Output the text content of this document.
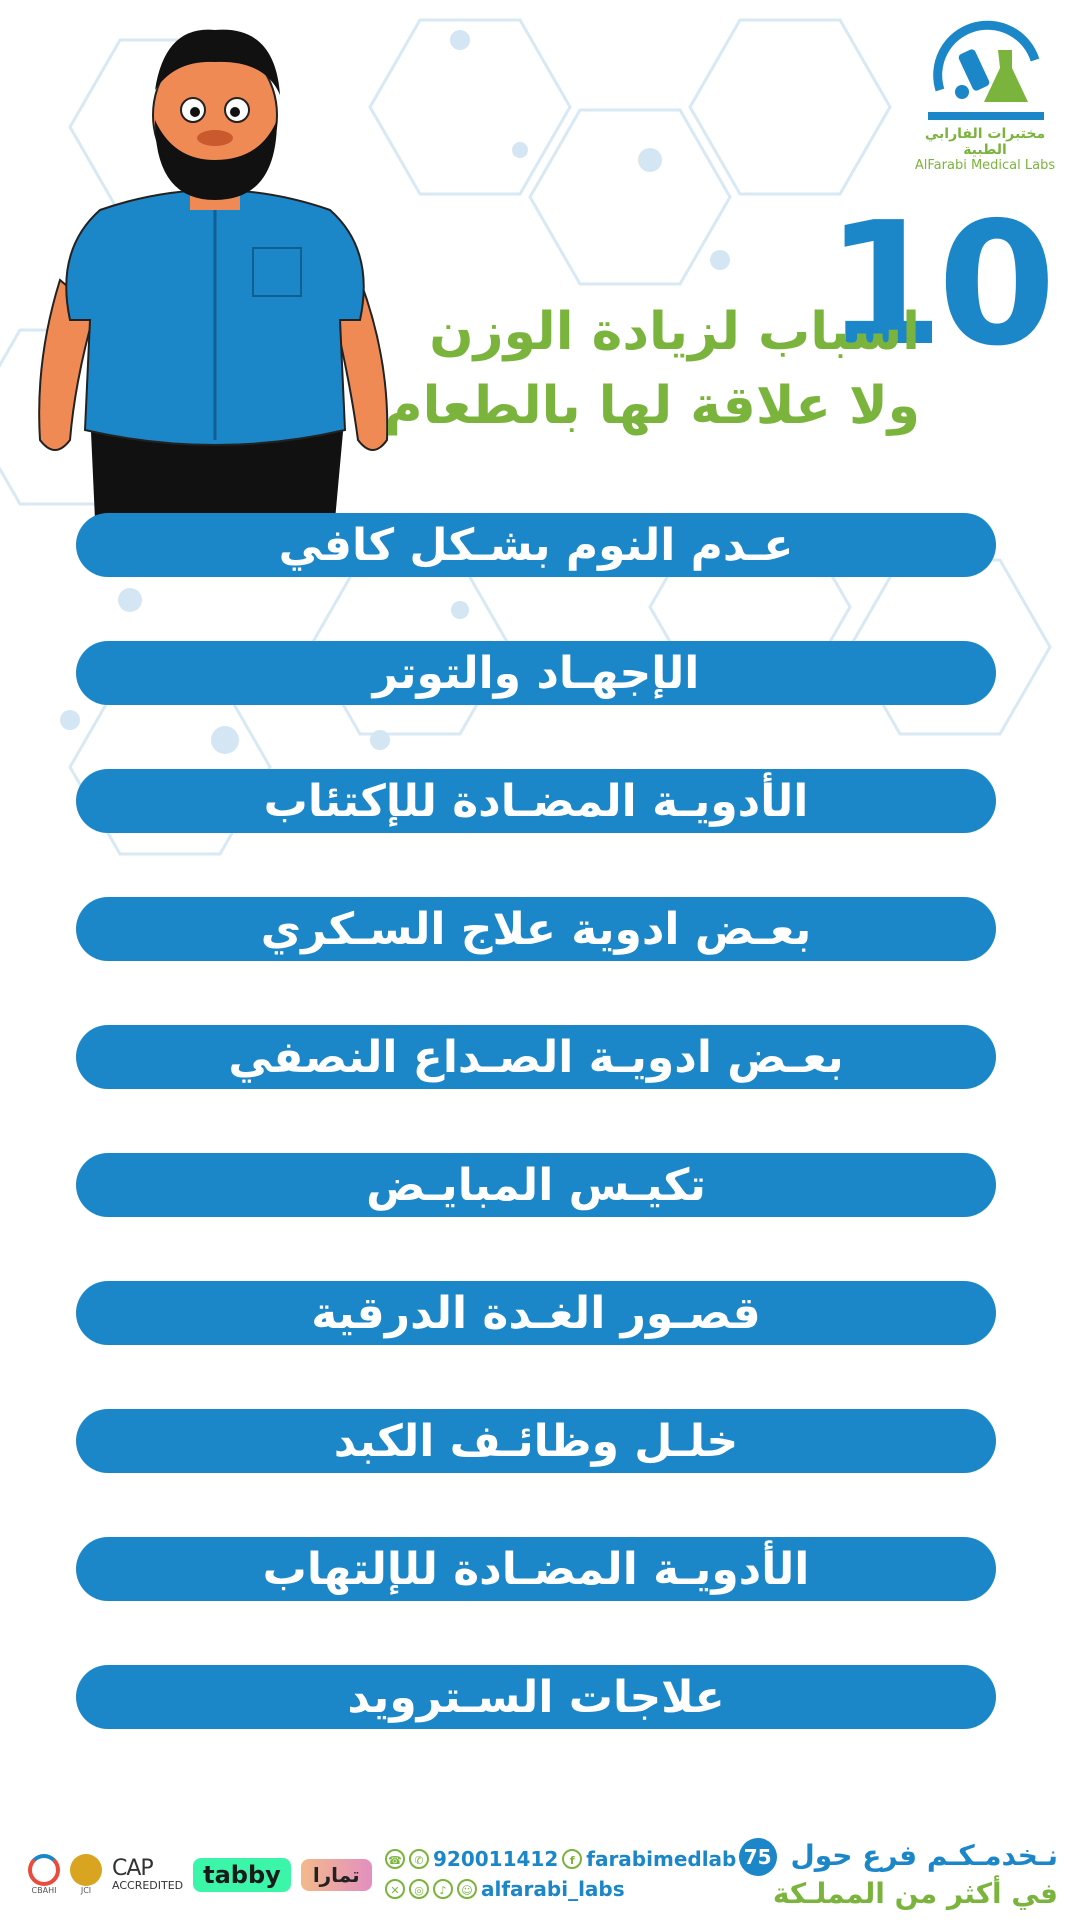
مختبرات الفارابي الطبية
AlFarabi Medical Labs
10
اسباب لزيادة الوزن
ولا علاقة لها بالطعام
عـدم النوم بشـكل كافي
الإجهـاد والتوتر
الأدويـة المضـادة للإكتئاب
بعـض ادوية علاج السـكري
بعـض ادويـة الصـداع النصفي
تكيـس المبايـض
قصـور الغـدة الدرقية
خلـل وظائـف الكبد
الأدويـة المضـادة للإلتهاب
علاجات السـترويد
CBAHI	JCI
CAP
ACCREDITED tabby	تمارا
☎	✆ 920011412	f farabimedlab
✕	◎	♪	☺ alfarabi_labs
نـخدمـكـم فرع حول 75
في أكثر من المملـكة
